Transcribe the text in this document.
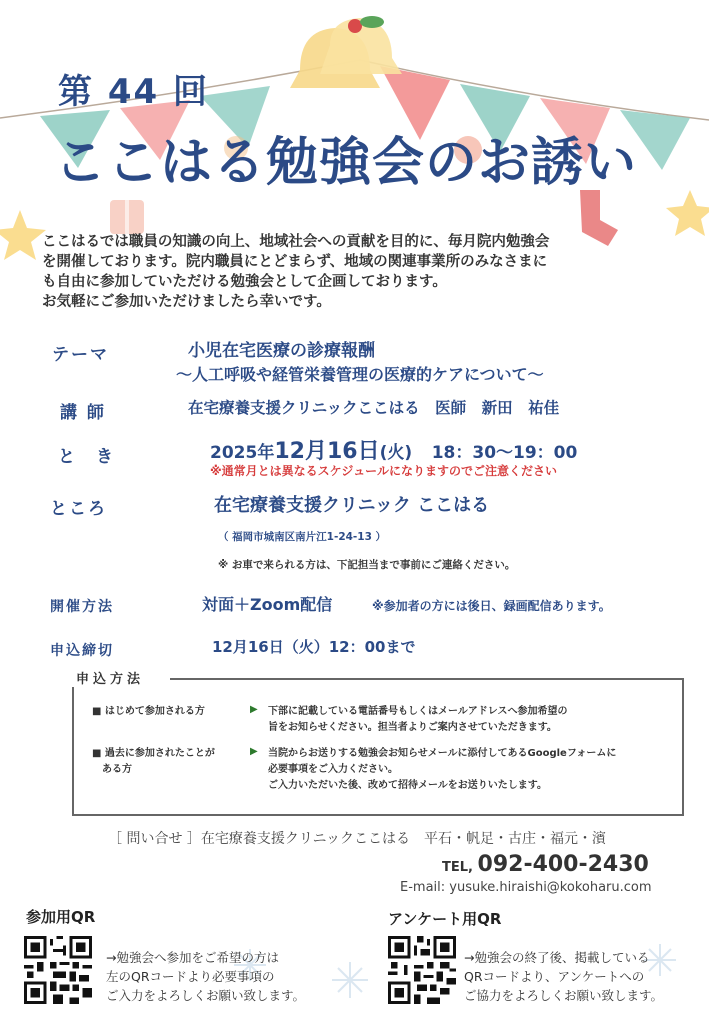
第 44 回
ここはる勉強会のお誘い
ここはるでは職員の知識の向上、地域社会への貢献を目的に、毎月院内勉強会
を開催しております。院内職員にとどまらず、地域の関連事業所のみなさまに
も自由に参加していただける勉強会として企画しております。
お気軽にご参加いただけましたら幸いです。
テーマ	小児在宅医療の診療報酬
〜人工呼吸や経管栄養管理の医療的ケアについて〜
講 師	在宅療養支援クリニックここはる　医師　新田　祐佳
と　き	2025年12月16日(火) 18：30〜19：00
※通常月とは異なるスケジュールになりますのでご注意ください
ところ	在宅療養支援クリニック ここはる
（ 福岡市城南区南片江1-24-13 ）
※ お車で来られる方は、下記担当まで事前にご連絡ください。
開催方法	対面＋Zoom配信	※参加者の方には後日、録画配信あります。
申込締切	12月16日（火）12：00まで
申込方法
■ はじめて参加される方	▶ 下部に記載している電話番号もしくはメールアドレスへ参加希望の
旨をお知らせください。担当者よりご案内させていただきます。
■ 過去に参加されたことが
　ある方
▶ 当院からお送りする勉強会お知らせメールに添付してあるGoogleフォームに
必要事項をご入力ください。
ご入力いただいた後、改めて招待メールをお送りいたします。
［ 問い合せ ］在宅療養支援クリニックここはる　平石・帆足・古庄・福元・濱
TEL, 092-400-2430
E-mail: yusuke.hiraishi@kokoharu.com
参加用QR
→勉強会へ参加をご希望の方は
左のQRコードより必要事項の
ご入力をよろしくお願い致します。
アンケート用QR
→勉強会の終了後、掲載している
QRコードより、アンケートへの
ご協力をよろしくお願い致します。
